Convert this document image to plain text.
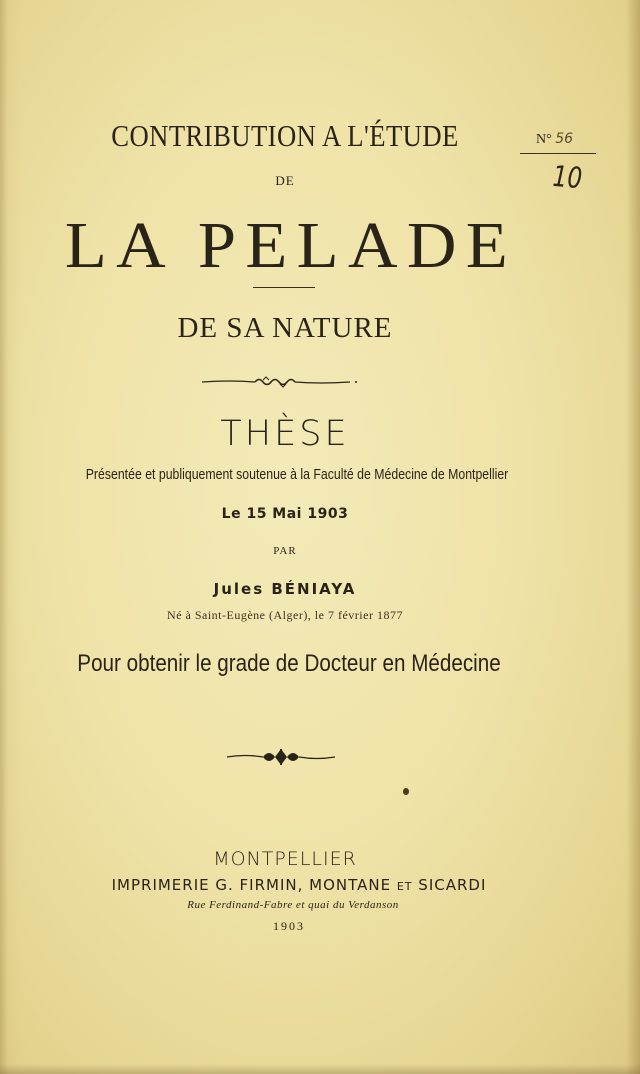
N° 56
10
CONTRIBUTION A L'ÉTUDE
DE
LA PELADE
DE SA NATURE
THÈSE
Présentée et publiquement soutenue à la Faculté de Médecine de Montpellier
Le 15 Mai 1903
PAR
Jules BÉNIAYA
Né à Saint-Eugène (Alger), le 7 février 1877
Pour obtenir le grade de Docteur en Médecine
MONTPELLIER
IMPRIMERIE G. FIRMIN, MONTANE ET SICARDI
Rue Ferdinand-Fabre et quai du Verdanson
1903
